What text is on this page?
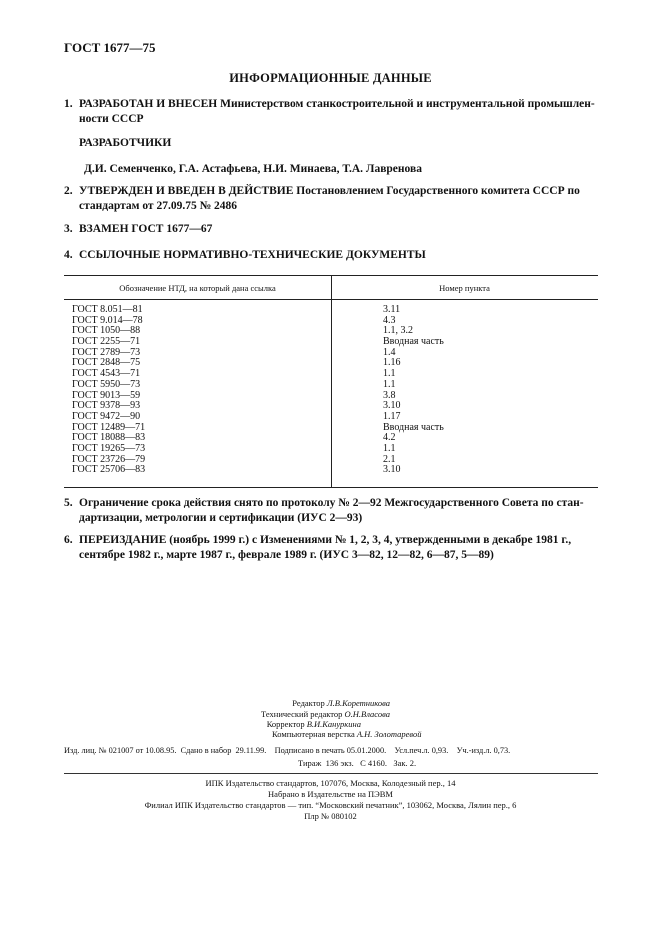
ГОСТ 1677—75
ИНФОРМАЦИОННЫЕ ДАННЫЕ
1. РАЗРАБОТАН И ВНЕСЕН Министерством станкостроительной и инструментальной промышлен-
ности СССР
РАЗРАБОТЧИКИ
Д.И. Семенченко, Г.А. Астафьева, Н.И. Минаева, Т.А. Лавренова
2. УТВЕРЖДЕН И ВВЕДЕН В ДЕЙСТВИЕ Постановлением Государственного комитета СССР по
стандартам от 27.09.75 № 2486
3. ВЗАМЕН ГОСТ 1677—67
4. ССЫЛОЧНЫЕ НОРМАТИВНО-ТЕХНИЧЕСКИЕ ДОКУМЕНТЫ
Обозначение НТД, на который дана ссылка	Номер пункта
ГОСТ 8.051—81	3.11
ГОСТ 9.014—78	4.3
ГОСТ 1050—88	1.1, 3.2
ГОСТ 2255—71	Вводная часть
ГОСТ 2789—73	1.4
ГОСТ 2848—75	1.16
ГОСТ 4543—71	1.1
ГОСТ 5950—73	1.1
ГОСТ 9013—59	3.8
ГОСТ 9378—93	3.10
ГОСТ 9472—90	1.17
ГОСТ 12489—71	Вводная часть
ГОСТ 18088—83	4.2
ГОСТ 19265—73	1.1
ГОСТ 23726—79	2.1
ГОСТ 25706—83	3.10
5. Ограничение срока действия снято по протоколу № 2—92 Межгосударственного Совета по стан-
дартизации, метрологии и сертификации (ИУС 2—93)
6. ПЕРЕИЗДАНИЕ (ноябрь 1999 г.) с Изменениями № 1, 2, 3, 4, утвержденными в декабре 1981 г.,
сентябре 1982 г., марте 1987 г., феврале 1989 г. (ИУС 3—82, 12—82, 6—87, 5—89)
Редактор Л.В.Коретникова
Технический редактор О.Н.Власова
Корректор В.И.Кануркина
Компьютерная верстка А.Н. Золотаревой
Изд. лиц. № 021007 от 10.08.95.  Сдано в набор  29.11.99.    Подписано в печать 05.01.2000.    Усл.печ.л. 0,93.    Уч.-изд.л. 0,73.
Тираж  136 экз.   С 4160.   Зак. 2.
ИПК Издательство стандартов, 107076, Москва, Колодезный пер., 14
Набрано в Издательстве на ПЭВМ
Филиал ИПК Издательство стандартов — тип. “Московский печатник”, 103062, Москва, Лялин пер., 6
Плр № 080102
